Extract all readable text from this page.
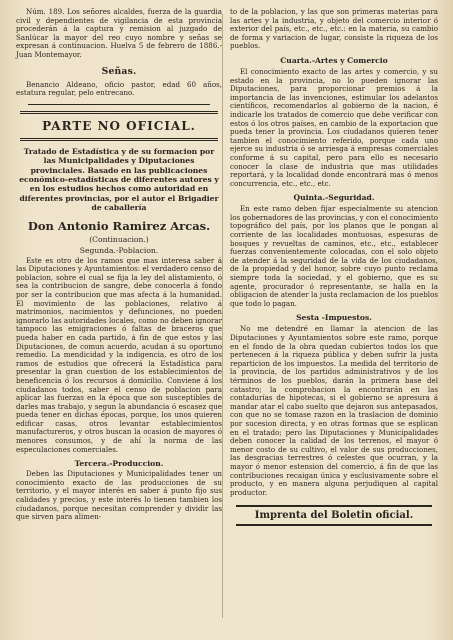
Núm. 189. Los señores alcaldes, fuerza de la guardia civil y dependientes de vigilancia de esta provincia procederán á la captura y remision al juzgado de Sanlúcar la mayor del reo cuyo nombre y señas se expresan á continuacion. Huelva 5 de febrero de 1886.-Juan Montemayor.

Señas.

Benancio Aldeano, oficio pastor, edad 60 años, estatura regular, pelo entrecano.

PARTE NO OFICIAL.
Tratado de Estadística y de su formacion por las Municipalidades y Diputaciones provinciales. Basado en las publicaciones económico-estadísticas de diferentes autores y en los estudios hechos como autoridad en diferentes provincias, por el autor el Brigadier de caballería
Don Antonio Ramirez Arcas.
(Continuacion.)
Segunda.-Poblacion.

Este es otro de los ramos que mas interesa saber á las Diputaciones y Ayuntamientos: el verdadero censo de poblacion, sobre el cual se fija la ley del alistamiento, ó sea la contribucion de sangre, debe conocerla á fondo por ser la contribucion que mas afecta á la humanidad. El movimiento de las poblaciones, relativo á matrimonios, nacimientos y defunciones, no pueden ignorarlo las autoridades locales, como no deben ignorar tampoco las emigraciones ó faltas de braceros que pueda haber en cada partido, á fin de que estos y las Diputaciones, de comun acuerdo, acudan á su oportuno remedio. La mendicidad y la indigencia, es otro de los ramos de estudios que ofrecerá la Estadística para presentar la gran cuestion de los establecimientos de beneficencia ó los recursos á domicilio. Conviene á los ciudadanos todos, saber el censo de poblacion para aplicar las fuerzas en la época que son susceptibles de darles mas trabajo, y segun la abundancia ó escasez que pueda tener en dichas épocas, porque, los unos quieren edificar casas, otros levantar establecimientos manufactureros, y otros buscan la ocasion de mayores ó menores consumos, y de ahí la norma de las especulaciones comerciales.

Tercera.-Produccion.

Deben las Diputaciones y Municipalidades tener un conocimiento exacto de las producciones de su territorio, y el mayor interés en saber á punto fijo sus calidades y precios, y este interés lo tienen tambien los ciudadanos, porque necesitan comprender y dividir las que sirven para alimen-

to de la poblacion, y las que son primeras materias para las artes y la industria, y objeto del comercio interior ó exterior del país, etc., etc., etc.: en la materia, su cambio de forma y variacion de lugar, consiste la riqueza de los pueblos.

Cuarta.-Artes y Comercio

El conocimiento exacto de las artes y comercio, y su estado en la provincia, no lo pueden ignorar las Diputaciones, para proporcionar premios á la importancia de las invenciones, estimular los adelantos científicos, recomendarlos al gobierno de la nacion, é indicarle los tratados de comercio que debe verificar con estos ó los otros países, en cambio de la exportacion que pueda tener la provincia. Los ciudadanos quieren tener tambien el conocimiento referido, porque cada uno ejerce su industria ó se arriesga á empresas comerciales conforme á su capital, pero para ello es necesario conocer la clase de industria que mas utilidades reportará, y la localidad donde encontrará mas ó menos concurrencia, etc., etc., etc.

Quinta.-Seguridad.

En este ramo deben fijar especialmente su atencion los gobernadores de las provincias, y con el conocimiento topográfico del país, por los planos que le pongan al corriente de las localidades montuosas, espesuras de bosques y revueltas de caminos, etc., etc., establecer fuerzas convenientemente colocadas, con el solo objeto de atender á la seguridad de la vida de los ciudadanos, de la propiedad y del honor, sobre cuyo punto reclama siempre toda la sociedad, y el gobierno, que es su agente, procurador ó representante, se halla en la obligacion de atender la justa reclamacion de los pueblos que todo lo pagan.

Sesta -Impuestos.

No me detendré en llamar la atencion de las Diputaciones y Ayuntamientos sobre este ramo, porque en el fondo de la obra quedan cubiertos todos los que pertenecen á la riqueza pública y deben sufrir la justa reparticion de los impuestos. La medida del territorio de la provincia, de los partidos administrativos y de los términos de los pueblos, darán la primera base del catastro; la comprobacion la encontrarán en las contadurías de hipotecas, si el gobierno se apresura á mandar atar el cabo suelto que dejaron sus antepasados, con que no se tomase razon en la traslacion de dominio por sucesion directa, y en otras formas que se esplican en el tratado; pero las Diputaciones y Municipalidades deben conocer la calidad de los terrenos, el mayor ó menor costo de su cultivo, el valor de sus producciones, las desgracias terrestres ó celestes que ocurran, y la mayor ó menor estension del comercio, á fin de que las contribuciones recaigan única y esclusivamente sobre el producto, y en manera alguna perjudiquen al capital productor.

Imprenta del Boletin oficial.
